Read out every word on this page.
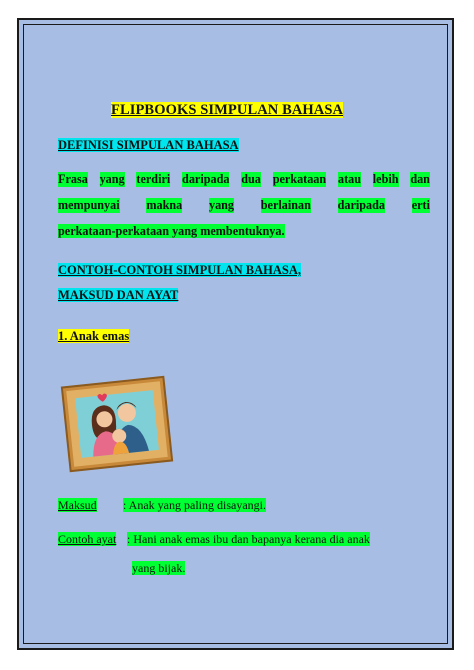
FLIPBOOKS SIMPULAN BAHASA
DEFINISI SIMPULAN BAHASA
Frasa yang terdiri daripada dua perkataan atau lebih dan
mempunyai makna yang berlainan daripada erti
perkataan-perkataan yang membentuknya.
CONTOH-CONTOH SIMPULAN BAHASA,
MAKSUD DAN AYAT
1. Anak emas
Maksud : Anak yang paling disayangi.
Contoh ayat : Hani anak emas ibu dan bapanya kerana dia anak
yang bijak.
